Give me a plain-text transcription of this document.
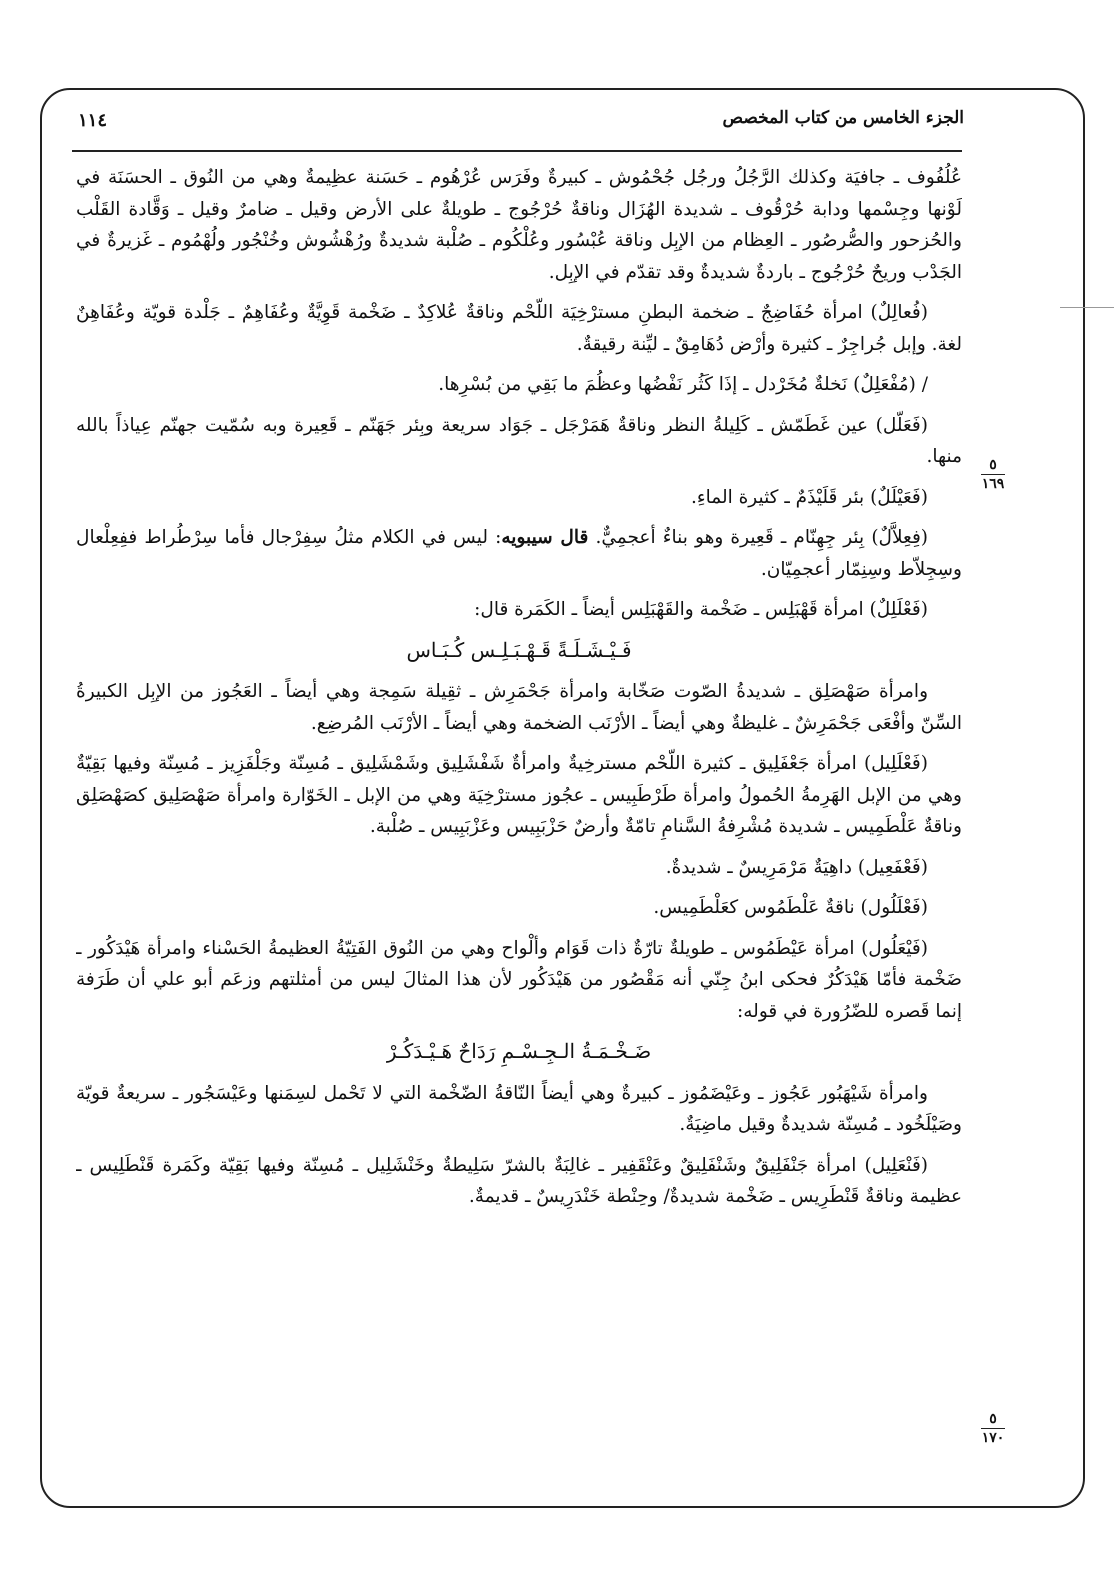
الجزء الخامس من كتاب المخصص
١١٤
٥
١٦٩
٥
١٧٠

عُلُفُوف ـ جافيَة وكذلك الرَّجُلُ ورجُل جُحْمُوش ـ كبيرةٌ وفَرَس عُرْهُوم ـ حَسَنة عظِيمةٌ وهي من النُوق ـ الحسَنَة في لَوْنها وجِسْمها ودابة حُرْقُوف ـ شديدة الهُزَال وناقةٌ حُرْجُوج ـ طويلةٌ على الأرض وقيل ـ ضامرٌ وقيل ـ وَقَّادة القَلْب والحُزحور والصُّرصُور ـ العِظام من الإبِل وناقة عُبْسُور وعُلْكُوم ـ صُلْبة شديدةٌ ورُهْشُوش وخُنْجُور ولُهْمُوم ـ غَزيرةٌ في الجَدْب وريحٌ حُرْجُوج ـ باردةٌ شديدةٌ وقد تقدّم في الإبِل.

(فُعالِلٌ) امرأة حُفَاضِجٌ ـ ضخمة البطنِ مسترْخِيَة اللّحْم وناقةٌ عُلاكِدٌ ـ ضَخْمة قَوِيَّةٌ وعُفَاهِمٌ ـ جَلْدة قويّة وعُفَاهِنٌ لغة. وإبل جُراجِرٌ ـ كثيرة وأرْض دُهَامِقٌ ـ ليِّنة رقيقةٌ.

/ (مُفْعَلِلٌ) نَخلةٌ مُخَرْدل ـ إذَا كَثُر نَفْضُها وعظُمَ ما بَقِي من بُسْرِها.

(فَعَلّل) عين غَطَمّش ـ كَلِيلةُ النظر وناقةٌ هَمَرْجَل ـ جَوَاد سريعة وبِئر جَهَنّم ـ قَعِيرة وبه سُمّيت جهنّم عِياذاً بالله منها.

(فَعَيْلَلٌ) بئر قَلَيْذَمٌ ـ كثيرة الماءِ.

(فِعِلاَّلٌ) بِئر جِهِنّام ـ قَعِيرة وهو بناءٌ أعجمِيٌّ. قال سيبويه: ليس في الكلام مثلُ سِفِرْجال فأما سِرْطُراط ففِعِلْعال وسِجِلاّط وسِنِمّار أعجمِيّان.

(فَعْلَلِلٌ) امرأة قَهْبَلِس ـ ضَخْمة والقَهْبَلِس أيضاً ـ الكَمَرة قال:

فَـيْـشَـلَـةً قَـهْـبَـلِـس كُـبَـاس

وامرأة صَهْصَلِق ـ شديدةُ الصّوت صَخّابة وامرأة جَحْمَرِش ـ ثقِيلة سَمِجة وهي أيضاً ـ العَجُوز من الإبِل الكبيرةُ السِّنّ وأفْعَى جَحْمَرِشٌ ـ غليظةٌ وهي أيضاً ـ الأرْنَب الضخمة وهي أيضاً ـ الأرْنَب المُرضِع.

(فَعْلَلِيل) امرأة جَعْفَلِيق ـ كثيرة اللّحْم مسترخِيةٌ وامرأةٌ شَفْشَلِيق وشَمْشَلِيق ـ مُسِنّة وجَلْفَزِيز ـ مُسِنّة وفيها بَقِيّةٌ وهي من الإبل الهَرِمةُ الحُمولُ وامرأة طَرْطَبِيس ـ عجُوز مسترْخِيَة وهي من الإبل ـ الخَوّارة وامرأة صَهْصَلِيق كصَهْصَلِق وناقةٌ عَلْطَمِيس ـ شديدة مُشْرِفةُ السَّنامِ تامّةٌ وأرضٌ حَزْبَبِيس وعَزْبَبِيس ـ صُلْبة.

(فَعْفَعِيل) داهِيَةٌ مَرْمَرِيسٌ ـ شديدةٌ.

(فَعْلَلُول) ناقةٌ عَلْطَمُوس كعَلْطَمِيس.

(فَيْعَلُول) امرأة عَيْطَمُوس ـ طويلةٌ تارّةٌ ذات قَوَام وألْواح وهي من النُوق الفَتِيّةُ العظيمةُ الحَسْناء وامرأة هَيْدَكُور ـ ضَخْمة فأمّا هَيْدَكُرٌ فحكى ابنُ جِنّي أنه مَقْصُور من هَيْدَكُور لأن هذا المثالَ ليس من أمثلتهم وزعَم أبو علي أن طَرَفة إنما قَصره للضّرُورة في قوله:

ضَـخْـمَـةُ الـجِـسْـمِ رَدَاحٌ هَـيْـدَكُـرْ

وامرأة شَيْهَبُور عَجُوز ـ وعَيْضَمُوز ـ كبيرةٌ وهي أيضاً النّاقةُ الضّخْمة التي لا تَحْمل لسِمَنها وعَيْسَجُور ـ سريعةٌ قويّة وصَيْلَخُود ـ مُسِنّة شديدةٌ وقيل ماضِيَةٌ.

(فَنْعَلِيل) امرأة جَنْفَلِيقٌ وشَنْفَلِيقٌ وعَنْقَفِير ـ غالِبَةٌ بالشرّ سَلِيطةٌ وخَنْشَلِيل ـ مُسِنّة وفيها بَقِيّة وكَمَرة قَنْطَلِيس ـ عظيمة وناقةٌ قَنْطَرِيس ـ ضَخْمة شديدةٌ/ وحِنْطة خَنْدَرِيسٌ ـ قديمةٌ.
